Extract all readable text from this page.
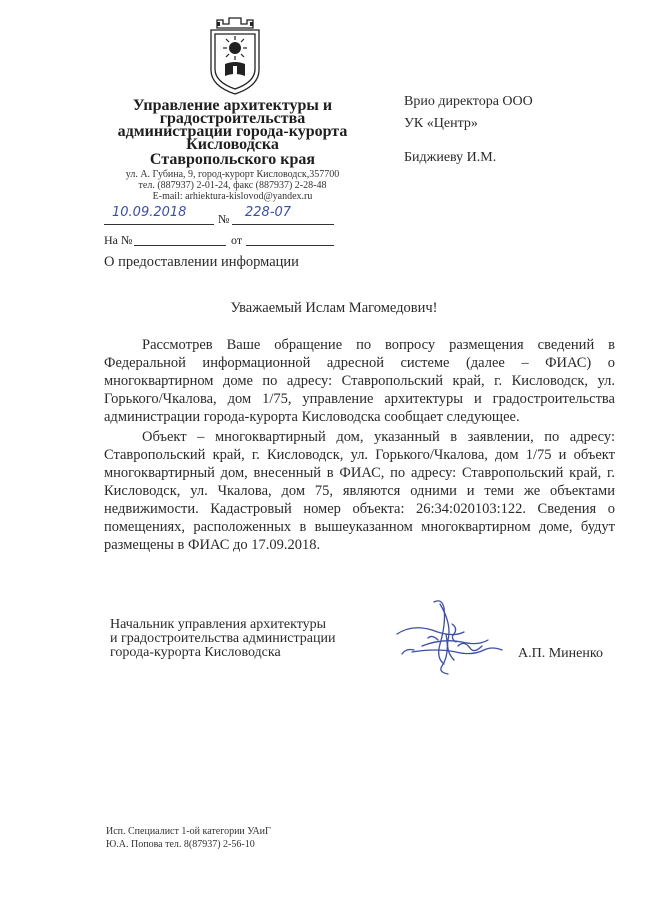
Управление архитектуры и
градостроительства
администрации города-курорта
Кисловодска
Ставропольского края
ул. А. Губина, 9, город-курорт Кисловодск,357700
тел. (887937) 2-01-24, факс (887937) 2-28-48
E-mail: arhiektura-kislovod@yandex.ru
10.09.2018	№ 228-07
На №	от
О предоставлении информации
Врио директора ООО УК «Центр»
Биджиеву И.М.
Уважаемый Ислам Магомедович!

Рассмотрев Ваше обращение по вопросу размещения сведений в Федеральной информационной адресной системе (далее – ФИАС) о многоквартирном доме по адресу: Ставропольский край, г. Кисловодск, ул. Горького/Чкалова, дом 1/75, управление архитектуры и градостроительства администрации города-курорта Кисловодска сообщает следующее.

Объект – многоквартирный дом, указанный в заявлении, по адресу: Ставропольский край, г. Кисловодск, ул. Горького/Чкалова, дом 1/75 и объект многоквартирный дом, внесенный в ФИАС, по адресу: Ставропольский край, г. Кисловодск, ул. Чкалова, дом 75, являются одними и теми же объектами недвижимости. Кадастровый номер объекта: 26:34:020103:122. Сведения о помещениях, расположенных в вышеуказанном многоквартирном доме, будут размещены в ФИАС до 17.09.2018.

Начальник управления архитектуры
и градостроительства администрации
города-курорта Кисловодска	А.П. Миненко
Исп. Специалист 1-ой категории УАиГ
Ю.А. Попова тел. 8(87937) 2-56-10
